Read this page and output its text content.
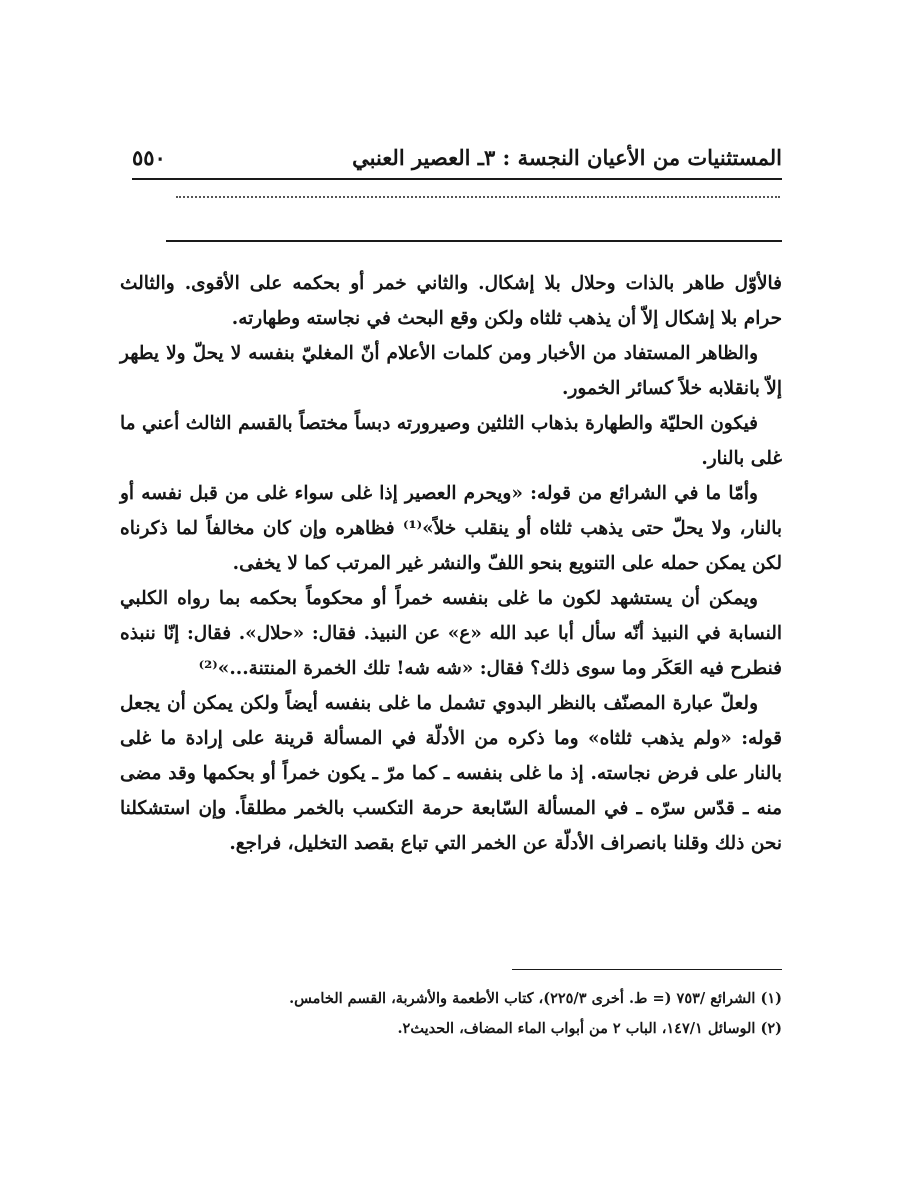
المستثنيات من الأعيان النجسة : ٣ـ العصير العنبي
٥٥٠

فالأوّل طاهر بالذات وحلال بلا إشكال. والثاني خمر أو بحكمه على الأقوى. والثالث حرام بلا إشكال إلاّ أن يذهب ثلثاه ولكن وقع البحث في نجاسته وطهارته.

والظاهر المستفاد من الأخبار ومن كلمات الأعلام أنّ المغليّ بنفسه لا يحلّ ولا يطهر إلاّ بانقلابه خلاً كسائر الخمور.

فيكون الحليّة والطهارة بذهاب الثلثين وصيرورته دبساً مختصاً بالقسم الثالث أعني ما غلى بالنار.

وأمّا ما في الشرائع من قوله: «ويحرم العصير إذا غلى سواء غلى من قبل نفسه أو بالنار، ولا يحلّ حتى يذهب ثلثاه أو ينقلب خلاً»⁽¹⁾ فظاهره وإن كان مخالفاً لما ذكرناه لكن يمكن حمله على التنويع بنحو اللفّ والنشر غير المرتب كما لا يخفى.

ويمكن أن يستشهد لكون ما غلى بنفسه خمراً أو محكوماً بحكمه بما رواه الكلبي النسابة في النبيذ أنّه سأل أبا عبد الله «ع» عن النبيذ. فقال: «حلال». فقال: إنّا ننبذه فنطرح فيه العَكَر وما سوى ذلك؟ فقال: «شه شه! تلك الخمرة المنتنة...»⁽²⁾

ولعلّ عبارة المصنّف بالنظر البدوي تشمل ما غلى بنفسه أيضاً ولكن يمكن أن يجعل قوله: «ولم يذهب ثلثاه» وما ذكره من الأدلّة في المسألة قرينة على إرادة ما غلى بالنار على فرض نجاسته. إذ ما غلى بنفسه ـ كما مرّ ـ يكون خمراً أو بحكمها وقد مضى منه ـ قدّس سرّه ـ في المسألة السّابعة حرمة التكسب بالخمر مطلقاً. وإن استشكلنا نحن ذلك وقلنا بانصراف الأدلّة عن الخمر التي تباع بقصد التخليل، فراجع.

(١) الشرائع /٧٥٣ (= ط. أخرى ٢٢٥/٣)، كتاب الأطعمة والأشربة، القسم الخامس.

(٢) الوسائل ١٤٧/١، الباب ٢ من أبواب الماء المضاف، الحديث٢.
